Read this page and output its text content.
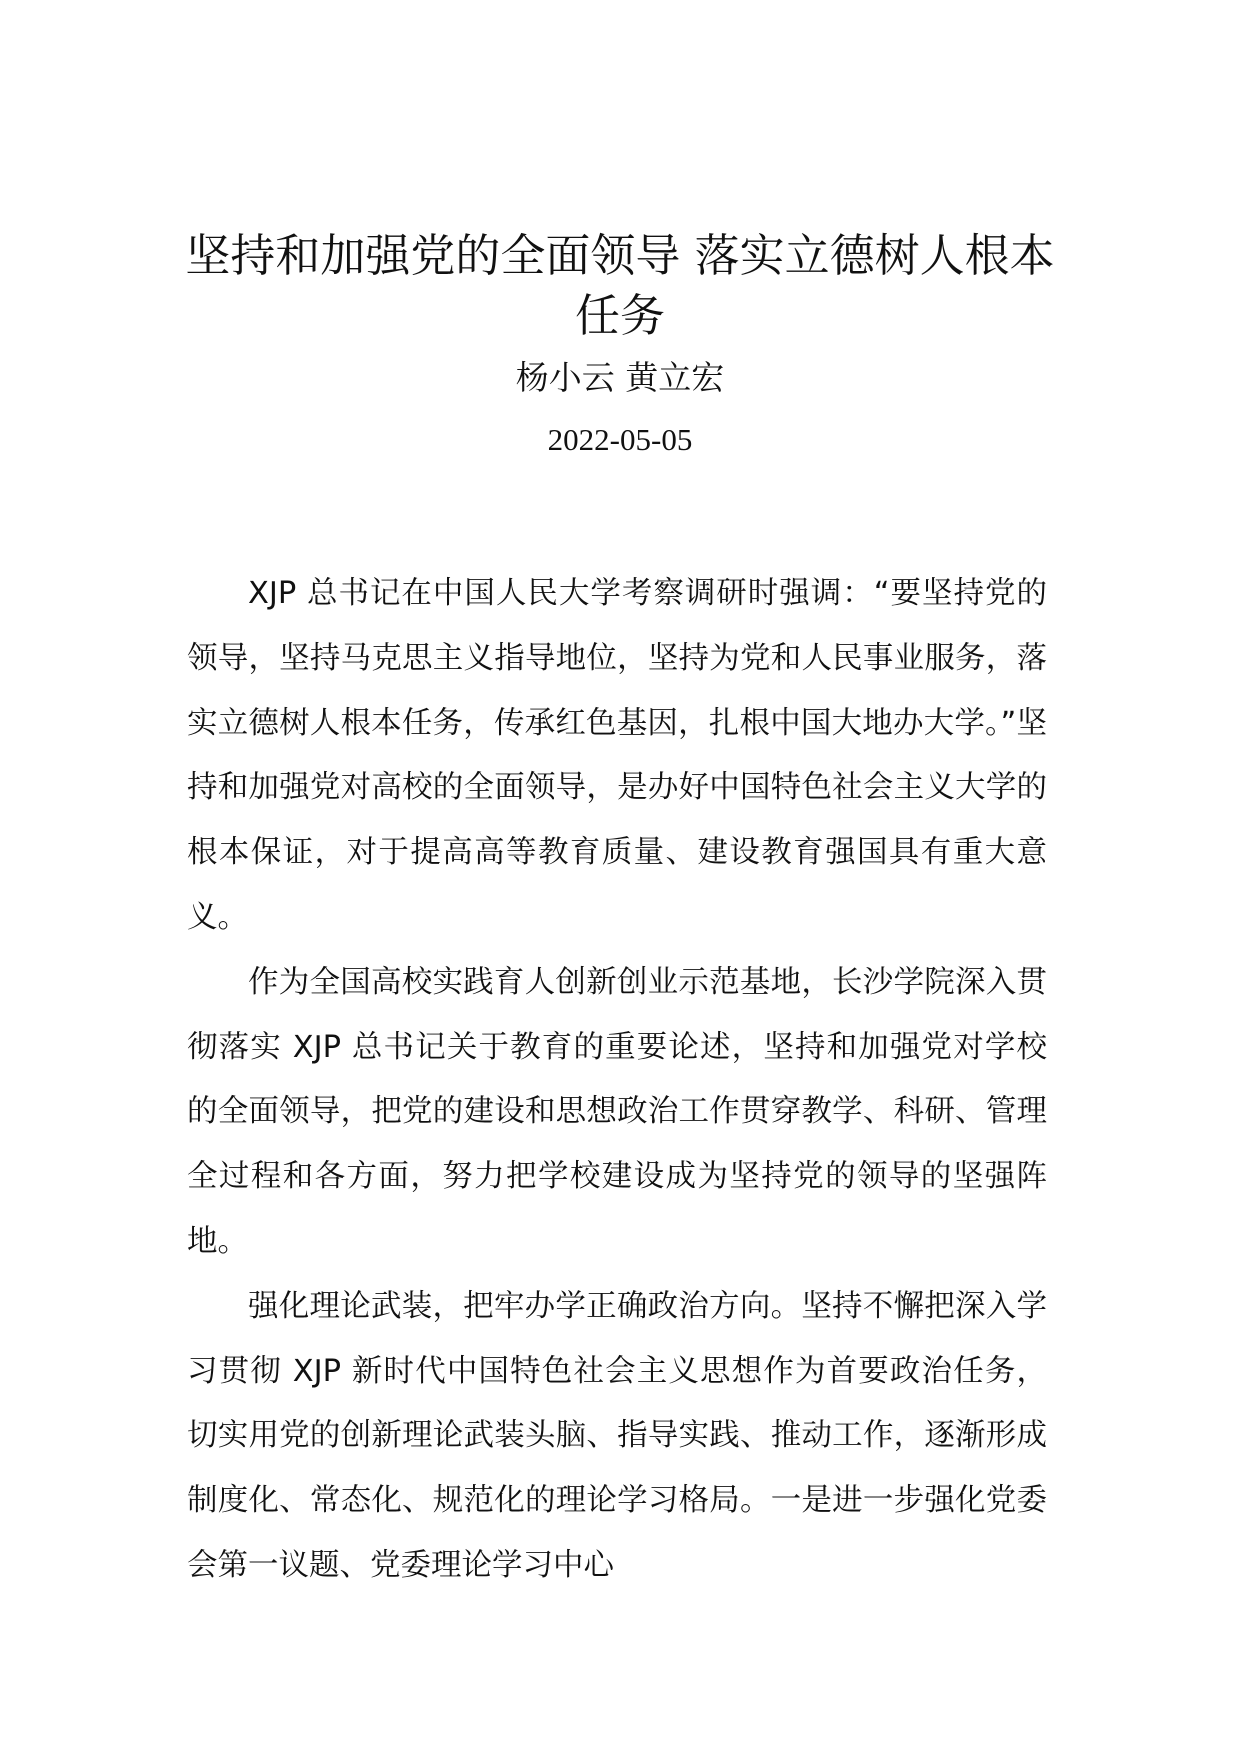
坚持和加强党的全面领导 落实立德树人根本任务
杨小云 黄立宏
2022-05-05

XJP 总书记在中国人民大学考察调研时强调：“要坚持党的领导，坚持马克思主义指导地位，坚持为党和人民事业服务，落实立德树人根本任务，传承红色基因，扎根中国大地办大学。”坚持和加强党对高校的全面领导，是办好中国特色社会主义大学的根本保证，对于提高高等教育质量、建设教育强国具有重大意义。

作为全国高校实践育人创新创业示范基地，长沙学院深入贯彻落实 XJP 总书记关于教育的重要论述，坚持和加强党对学校的全面领导，把党的建设和思想政治工作贯穿教学、科研、管理全过程和各方面，努力把学校建设成为坚持党的领导的坚强阵地。

强化理论武装，把牢办学正确政治方向。坚持不懈把深入学习贯彻 XJP 新时代中国特色社会主义思想作为首要政治任务，切实用党的创新理论武装头脑、指导实践、推动工作，逐渐形成制度化、常态化、规范化的理论学习格局。一是进一步强化党委会第一议题、党委理论学习中心
